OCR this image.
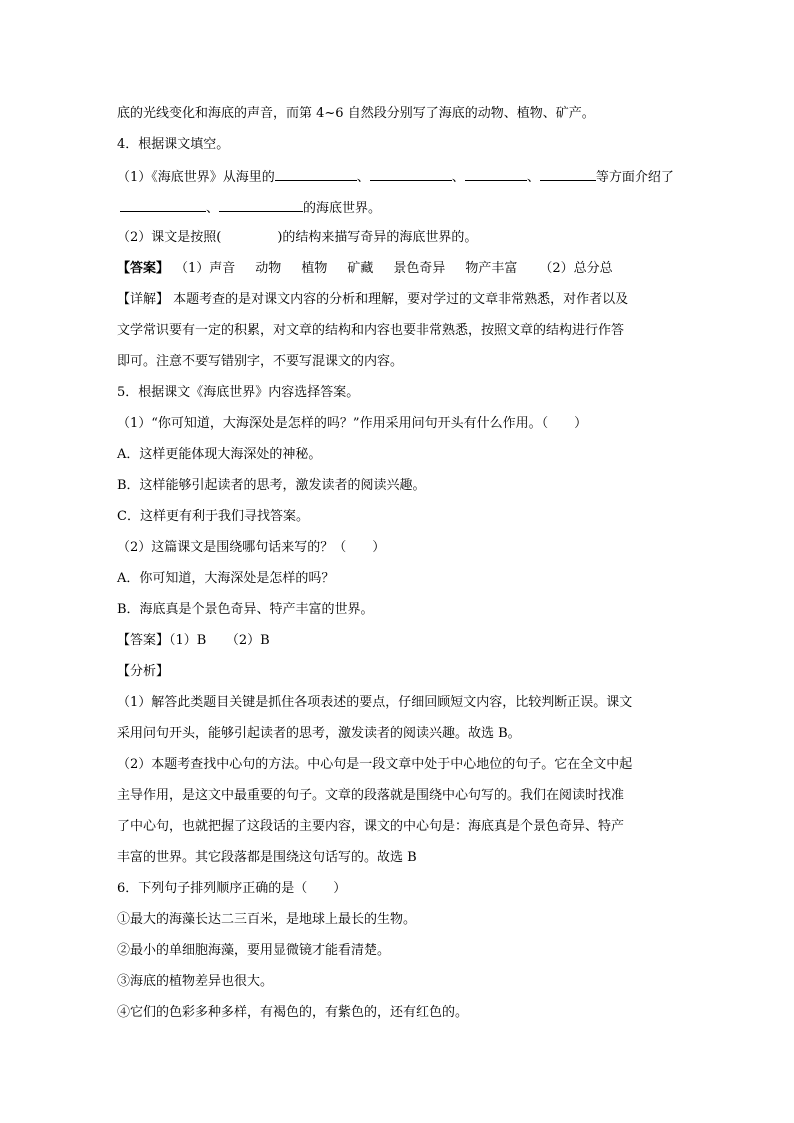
底的光线变化和海底的声音，而第 4~6 自然段分别写了海底的动物、植物、矿产。
4．根据课文填空。
（1）《海底世界》从海里的	、	、	、	等方面介绍了
、	的海底世界。
（2）课文是按照(	)的结构来描写奇异的海底世界的。
【答案】 （1）声音 动物 植物 矿藏 景色奇异 物产丰富 （2）总分总
【详解】 本题考查的是对课文内容的分析和理解，要对学过的文章非常熟悉，对作者以及
文学常识要有一定的积累，对文章的结构和内容也要非常熟悉，按照文章的结构进行作答
即可。注意不要写错别字，不要写混课文的内容。
5．根据课文《海底世界》内容选择答案。
（1）“你可知道，大海深处是怎样的吗？”作用采用问句开头有什么作用。（　　）
A．这样更能体现大海深处的神秘。
B．这样能够引起读者的思考，激发读者的阅读兴趣。
C．这样更有利于我们寻找答案。
（2）这篇课文是围绕哪句话来写的？（　　）
A．你可知道，大海深处是怎样的吗？
B．海底真是个景色奇异、特产丰富的世界。
【答案】（1）B　　（2）B
【分析】
（1）解答此类题目关键是抓住各项表述的要点，仔细回顾短文内容，比较判断正误。课文
采用问句开头，能够引起读者的思考，激发读者的阅读兴趣。故选 B。
（2）本题考查找中心句的方法。中心句是一段文章中处于中心地位的句子。它在全文中起
主导作用，是这文中最重要的句子。文章的段落就是围绕中心句写的。我们在阅读时找准
了中心句，也就把握了这段话的主要内容，课文的中心句是：海底真是个景色奇异、特产
丰富的世界。其它段落都是围绕这句话写的。故选 B
6．下列句子排列顺序正确的是（　　）
①最大的海藻长达二三百米，是地球上最长的生物。
②最小的单细胞海藻，要用显微镜才能看清楚。
③海底的植物差异也很大。
④它们的色彩多种多样，有褐色的，有紫色的，还有红色的。
